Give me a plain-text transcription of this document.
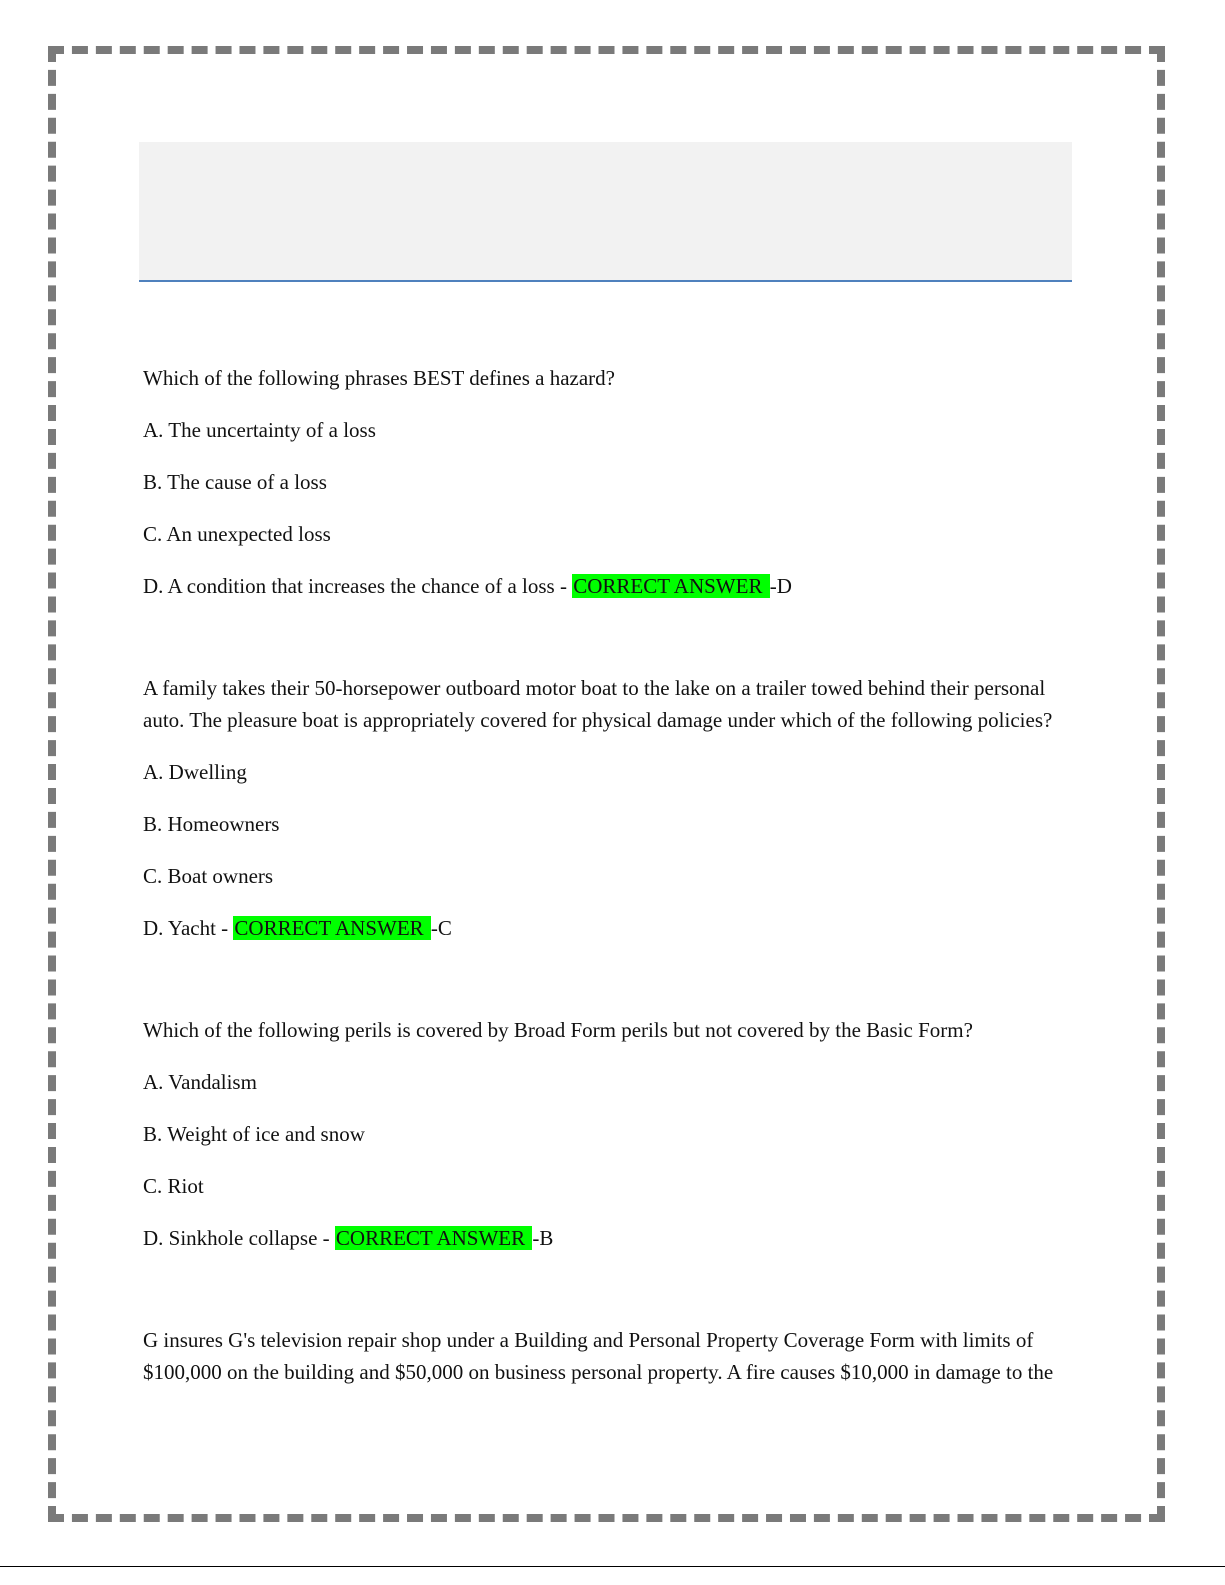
Which of the following phrases BEST defines a hazard?

A. The uncertainty of a loss

B. The cause of a loss

C. An unexpected loss

D. A condition that increases the chance of a loss - CORRECT ANSWER -D

A family takes their 50-horsepower outboard motor boat to the lake on a trailer towed behind their personal auto. The pleasure boat is appropriately covered for physical damage under which of the following policies?

A. Dwelling

B. Homeowners

C. Boat owners

D. Yacht - CORRECT ANSWER -C

Which of the following perils is covered by Broad Form perils but not covered by the Basic Form?

A. Vandalism

B. Weight of ice and snow

C. Riot

D. Sinkhole collapse - CORRECT ANSWER -B

G insures G's television repair shop under a Building and Personal Property Coverage Form with limits of $100,000 on the building and $50,000 on business personal property. A fire causes $10,000 in damage to the
